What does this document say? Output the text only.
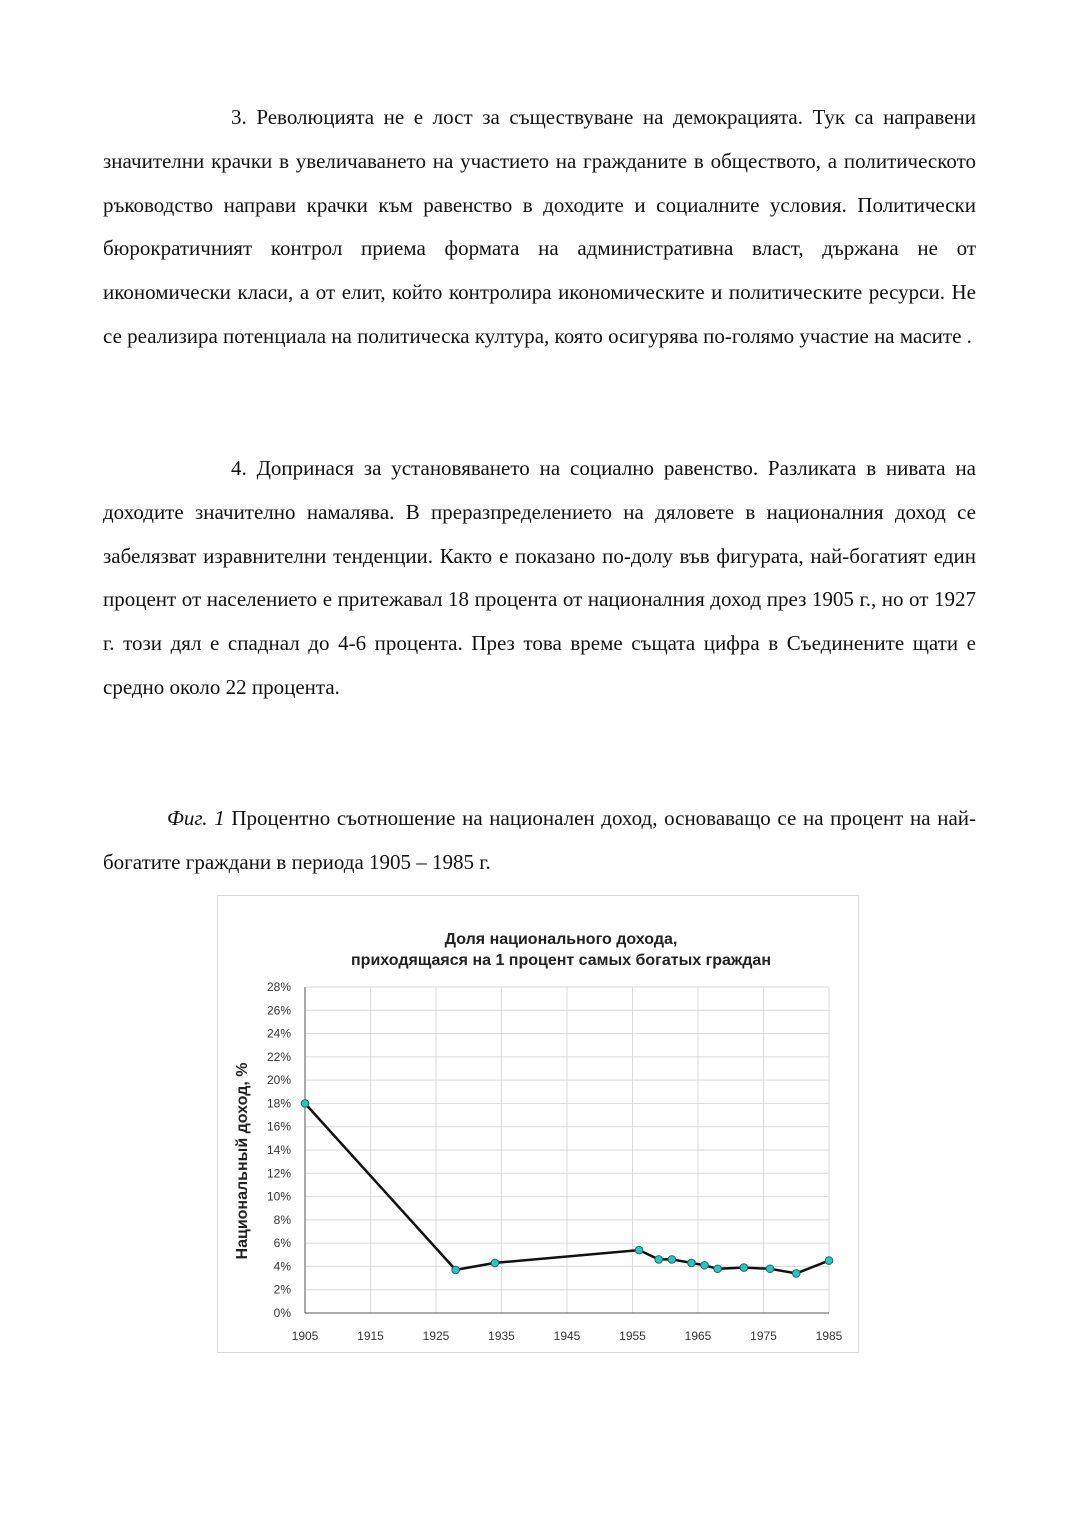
3. Революцията не е лост за съществуване на демокрацията. Тук са направени значителни крачки в увеличаването на участието на гражданите в обществото, а политическото ръководство направи крачки към равенство в доходите и социалните условия. Политически бюрократичният контрол приема формата на административна власт, държана не от икономически класи, а от елит, който контролира икономическите и политическите ресурси. Не се реализира потенциала на политическа култура, която осигурява по-голямо участие на масите .

4. Допринася за установяването на социално равенство. Разликата в нивата на доходите значително намалява. В преразпределението на дяловете в националния доход се забелязват изравнителни тенденции. Както е показано по-долу във фигурата, най-богатият един процент от населението е притежавал 18 процента от националния доход през 1905 г., но от 1927 г. този дял е спаднал до 4-6 процента. През това време същата цифра в Съединените щати е средно около 22 процента.

Фиг. 1 Процентно съотношение на национален доход, основаващо се на процент на най-богатите граждани в периода 1905 – 1985 г.

Доля национального дохода,
приходящаяся на 1 процент самых богатых граждан
Национальный доход, %
0%
2%
4%
6%
8%
10%
12%
14%
16%
18%
20%
22%
24%
26%
28%
1905	1915	1925	1935	1945	1955	1965	1975	1985
